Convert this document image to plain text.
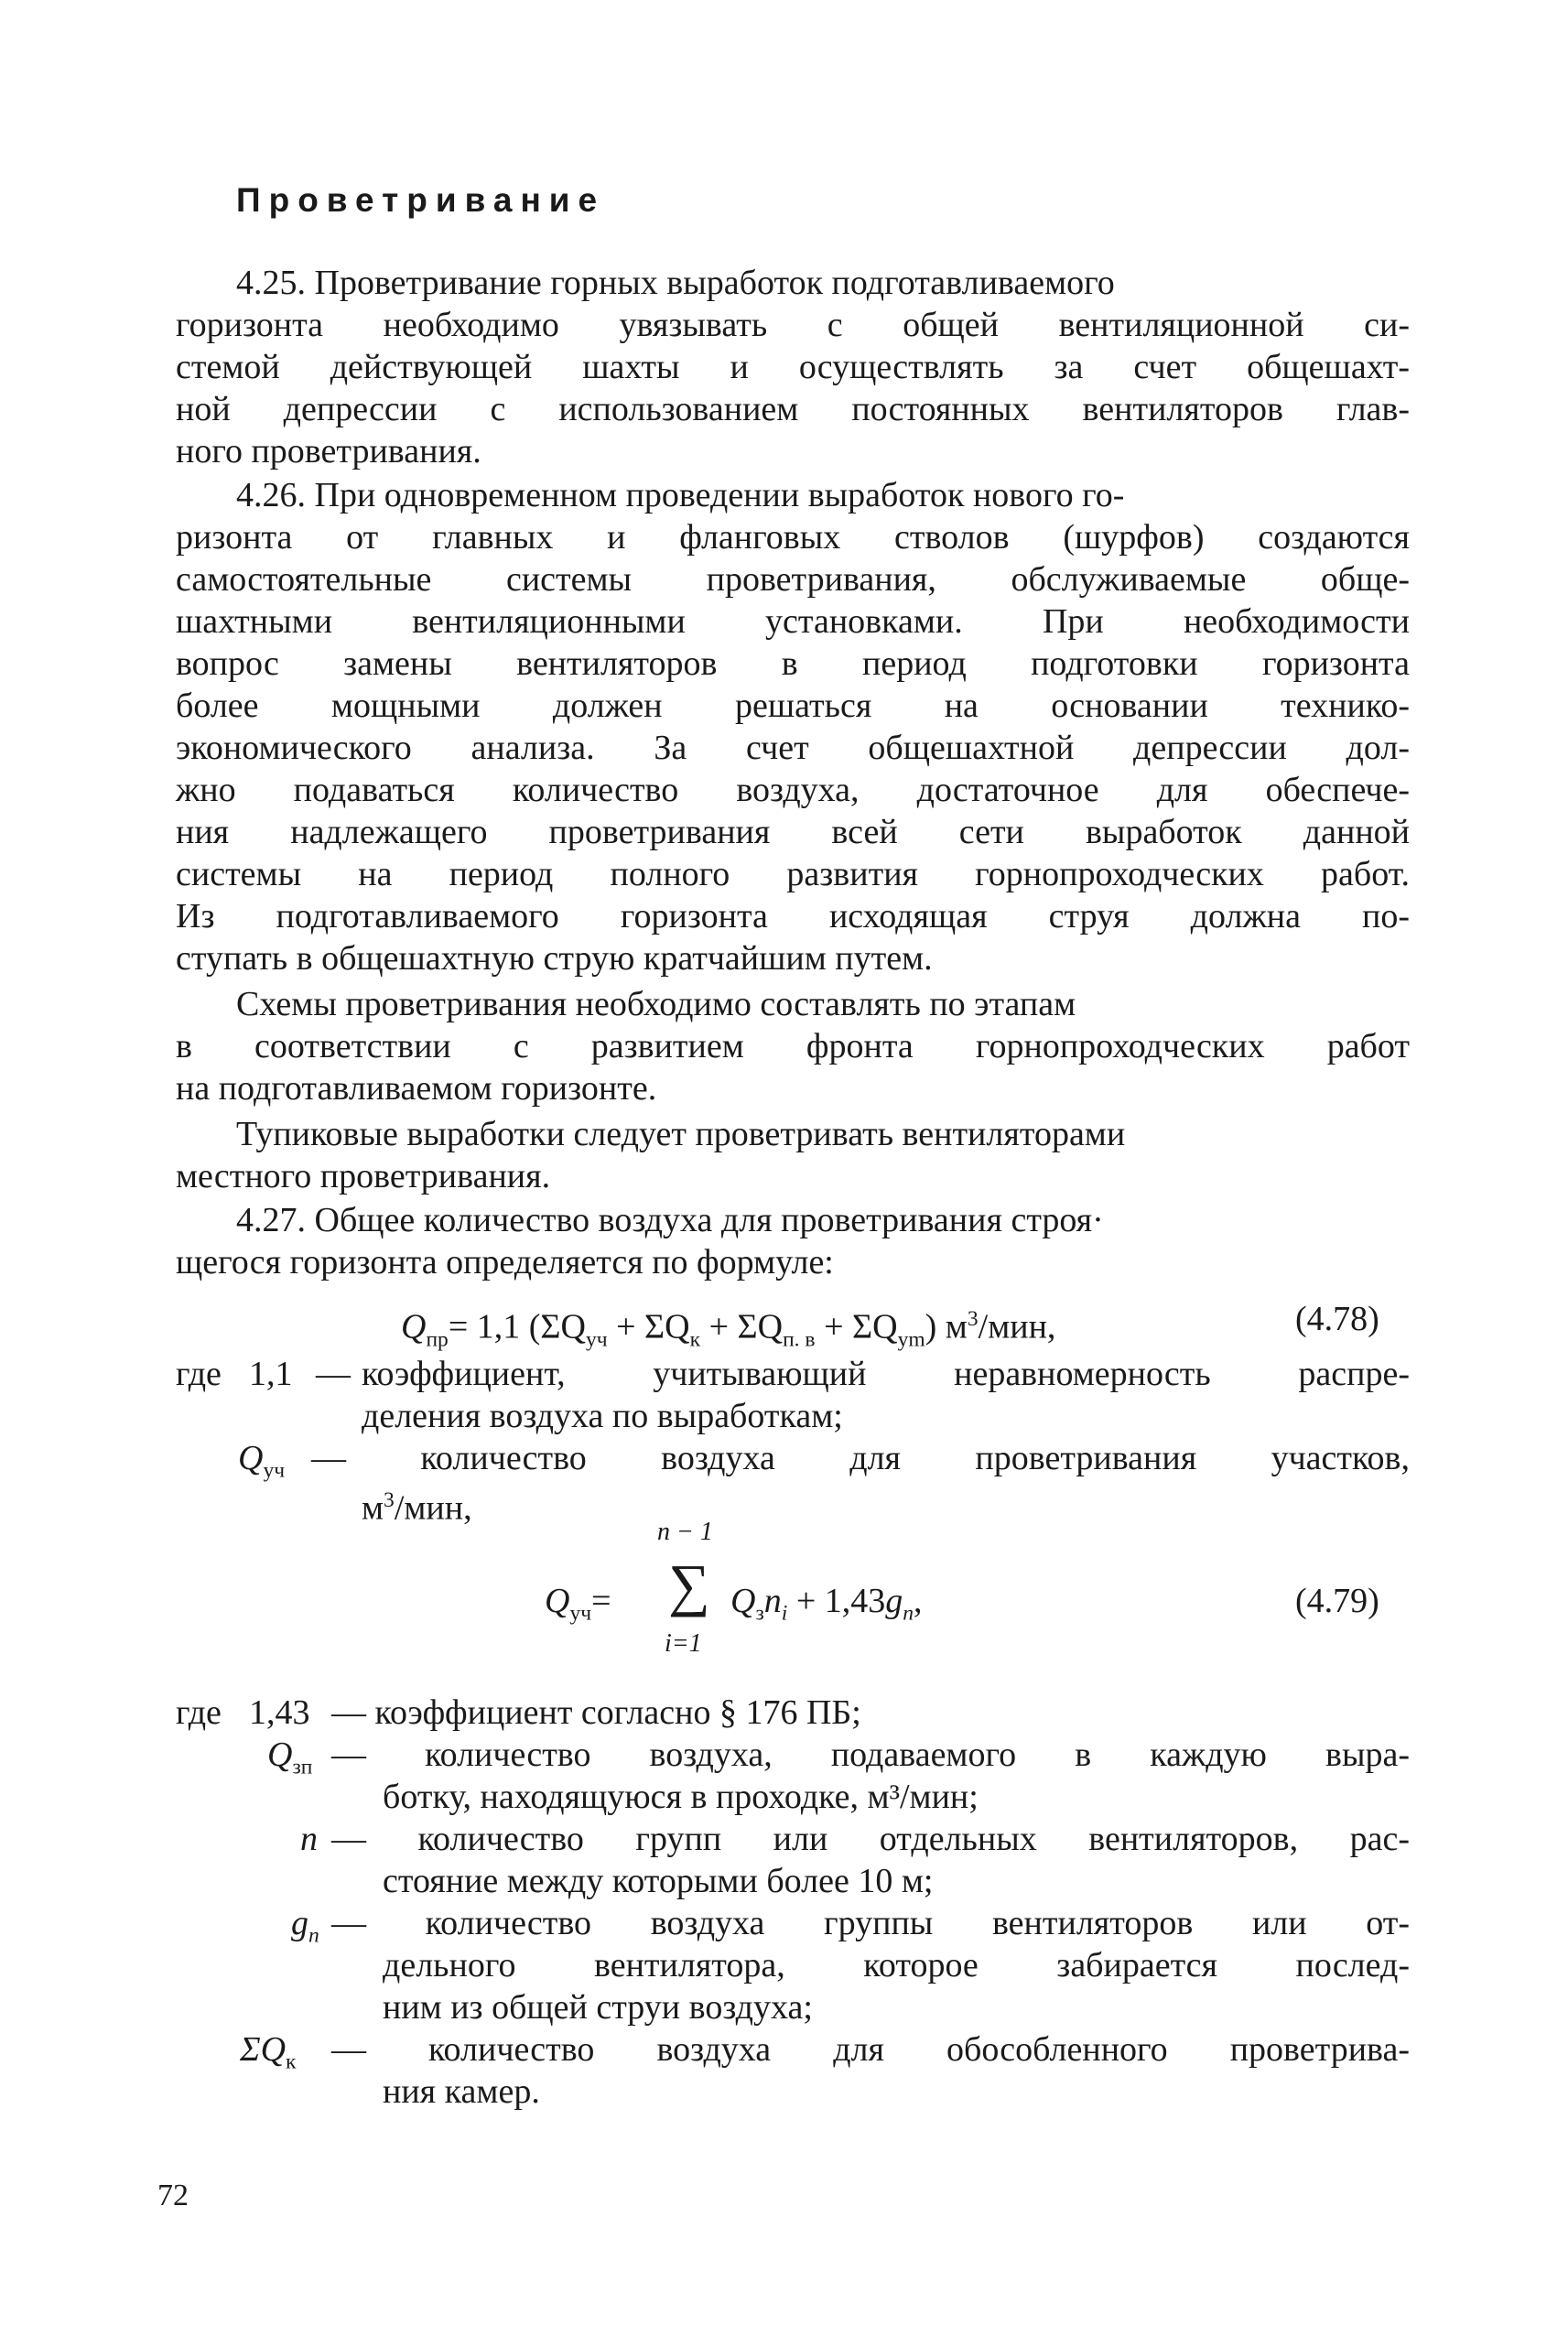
Проветривание
4.25. Проветривание горных выработок подготавливаемого
горизонта необходимо увязывать с общей вентиляционной си-
стемой действующей шахты и осуществлять за счет общешахт-
ной депрессии с использованием постоянных вентиляторов глав-
ного проветривания.
4.26. При одновременном проведении выработок нового го-
ризонта от главных и фланговых стволов (шурфов) создаются
самостоятельные системы проветривания, обслуживаемые обще-
шахтными вентиляционными установками. При необходимости
вопрос замены вентиляторов в период подготовки горизонта
более мощными должен решаться на основании технико-
экономического анализа. За счет общешахтной депрессии дол-
жно подаваться количество воздуха, достаточное для обеспече-
ния надлежащего проветривания всей сети выработок данной
системы на период полного развития горнопроходческих работ.
Из подготавливаемого горизонта исходящая струя должна по-
ступать в общешахтную струю кратчайшим путем.
Схемы проветривания необходимо составлять по этапам
в соответствии с развитием фронта горнопроходческих работ
на подготавливаемом горизонте.
Тупиковые выработки следует проветривать вентиляторами
местного проветривания.
4.27. Общее количество воздуха для проветривания строя·
щегося горизонта определяется по формуле:
$Q_{пр}= 1,1$ $(\Sigma Q_{уч} + \Sigma Q_к + \Sigma Q_{п. в} + \Sigma Q_{ym})$ $м^3$/мин,	(4.78)
где 1,1 — коэффициент, учитывающий неравномерность распре-
деления воздуха по выработкам;
$Q_{уч}$ — количество воздуха для проветривания участков,
$м^3$/мин,
$Q_{уч}=$
n − 1
∑
i=1
$Q_зn_i + 1,43g_n$,	(4.79)
где 1,43 — коэффициент согласно § 176 ПБ;
$Q_{зп}$ — количество воздуха, подаваемого в каждую выра-
ботку, находящуюся в проходке, м³/мин;
n — количество групп или отдельных вентиляторов, рас-
стояние между которыми более 10 м;
$g_n$ — количество воздуха группы вентиляторов или от-
дельного вентилятора, которое забирается послед-
ним из общей струи воздуха;
$\Sigma Q_к$ — количество воздуха для обособленного проветрива-
ния камер.
72
